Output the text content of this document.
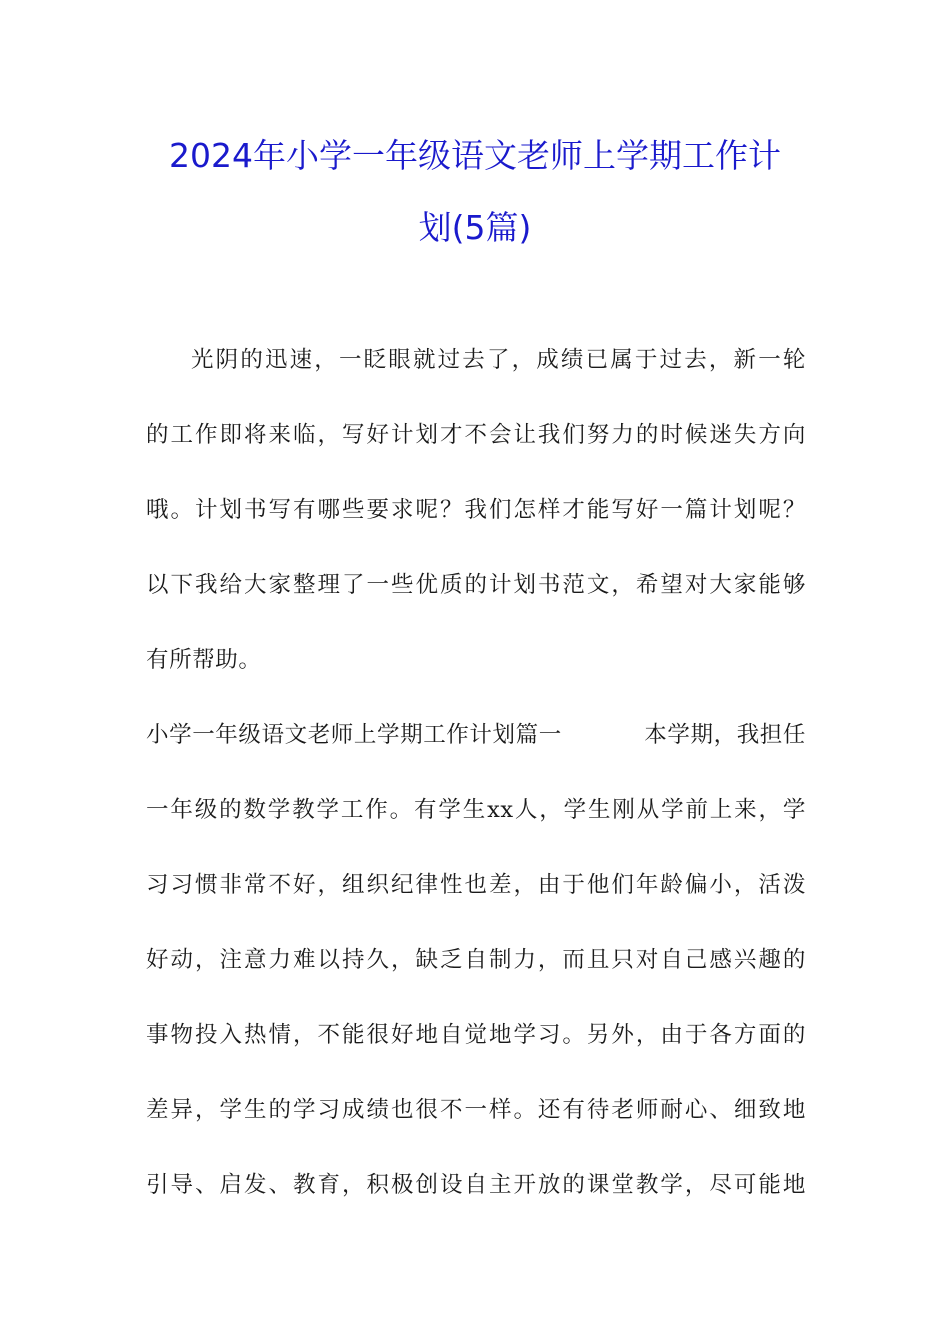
2024年小学一年级语文老师上学期工作计
划(5篇)
光阴的迅速，一眨眼就过去了，成绩已属于过去，新一轮
的工作即将来临，写好计划才不会让我们努力的时候迷失方向
哦。计划书写有哪些要求呢？我们怎样才能写好一篇计划呢？
以下我给大家整理了一些优质的计划书范文，希望对大家能够
有所帮助。
小学一年级语文老师上学期工作计划篇一	本学期，我担任
一年级的数学教学工作。有学生xx人，学生刚从学前上来，学
习习惯非常不好，组织纪律性也差，由于他们年龄偏小，活泼
好动，注意力难以持久，缺乏自制力，而且只对自己感兴趣的
事物投入热情，不能很好地自觉地学习。另外，由于各方面的
差异，学生的学习成绩也很不一样。还有待老师耐心、细致地
引导、启发、教育，积极创设自主开放的课堂教学，尽可能地
